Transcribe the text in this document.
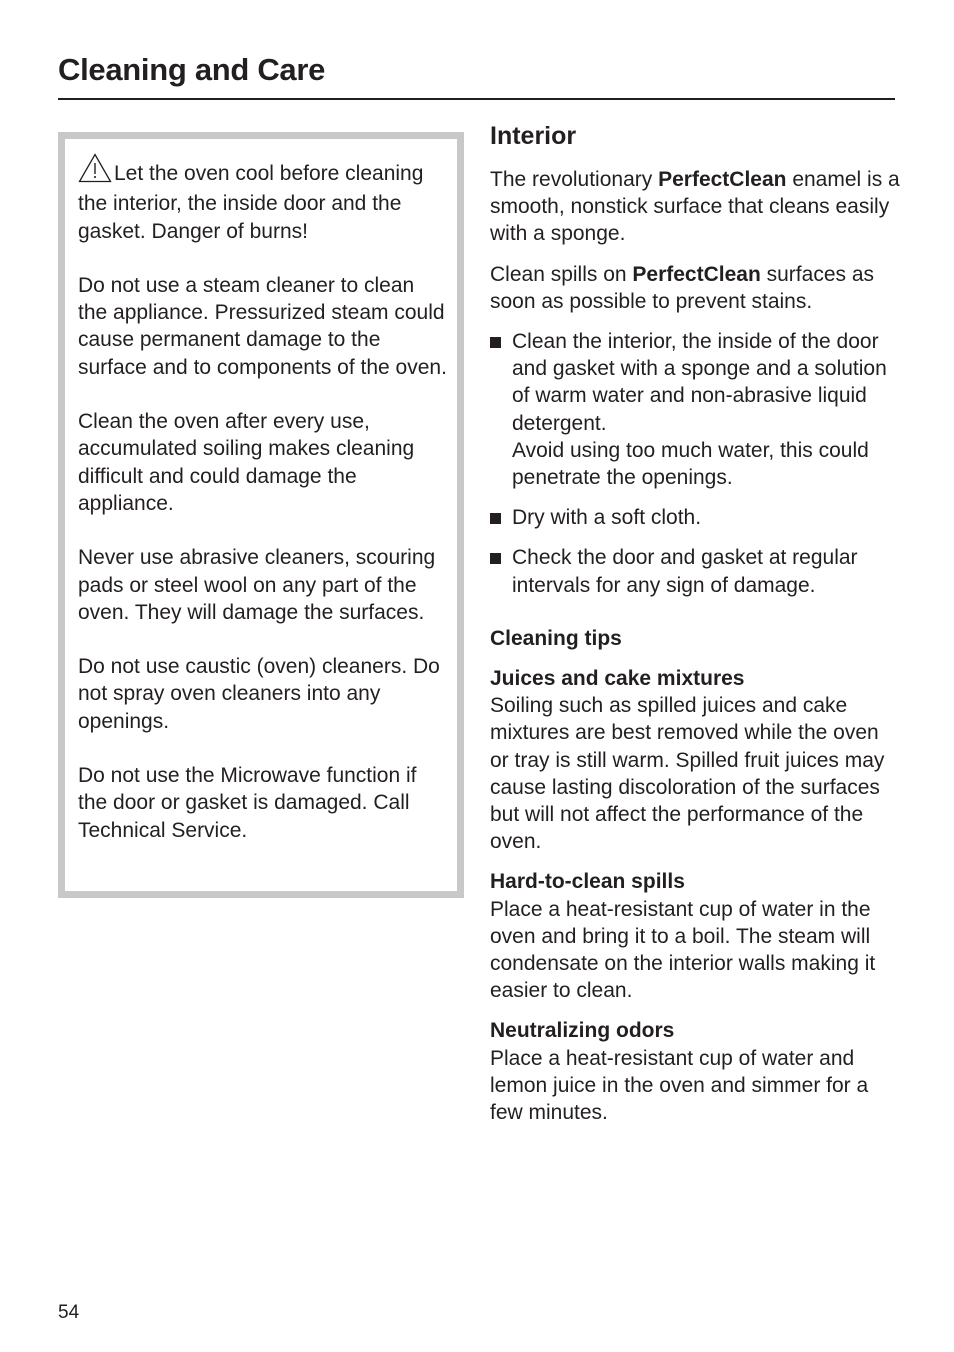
Cleaning and Care

Let the oven cool before cleaning the interior, the inside door and the gasket. Danger of burns!

Do not use a steam cleaner to clean the appliance. Pressurized steam could cause permanent damage to the surface and to components of the oven.

Clean the oven after every use, accumulated soiling makes cleaning difficult and could damage the appliance.

Never use abrasive cleaners, scouring pads or steel wool on any part of the oven. They will damage the surfaces.

Do not use caustic (oven) cleaners. Do not spray oven cleaners into any openings.

Do not use the Microwave function if the door or gasket is damaged. Call Technical Service.

Interior

The revolutionary PerfectClean enamel is a smooth, nonstick surface that cleans easily with a sponge.

Clean spills on PerfectClean surfaces as soon as possible to prevent stains.

Clean the interior, the inside of the door and gasket with a sponge and a solution of warm water and non-abrasive liquid detergent.
Avoid using too much water, this could penetrate the openings.
Dry with a soft cloth.
Check the door and gasket at regular intervals for any sign of damage.
Cleaning tips
Juices and cake mixtures
Soiling such as spilled juices and cake mixtures are best removed while the oven or tray is still warm. Spilled fruit juices may cause lasting discoloration of the surfaces but will not affect the performance of the oven.
Hard-to-clean spills
Place a heat-resistant cup of water in the oven and bring it to a boil. The steam will condensate on the interior walls making it easier to clean.
Neutralizing odors
Place a heat-resistant cup of water and lemon juice in the oven and simmer for a few minutes.
54
